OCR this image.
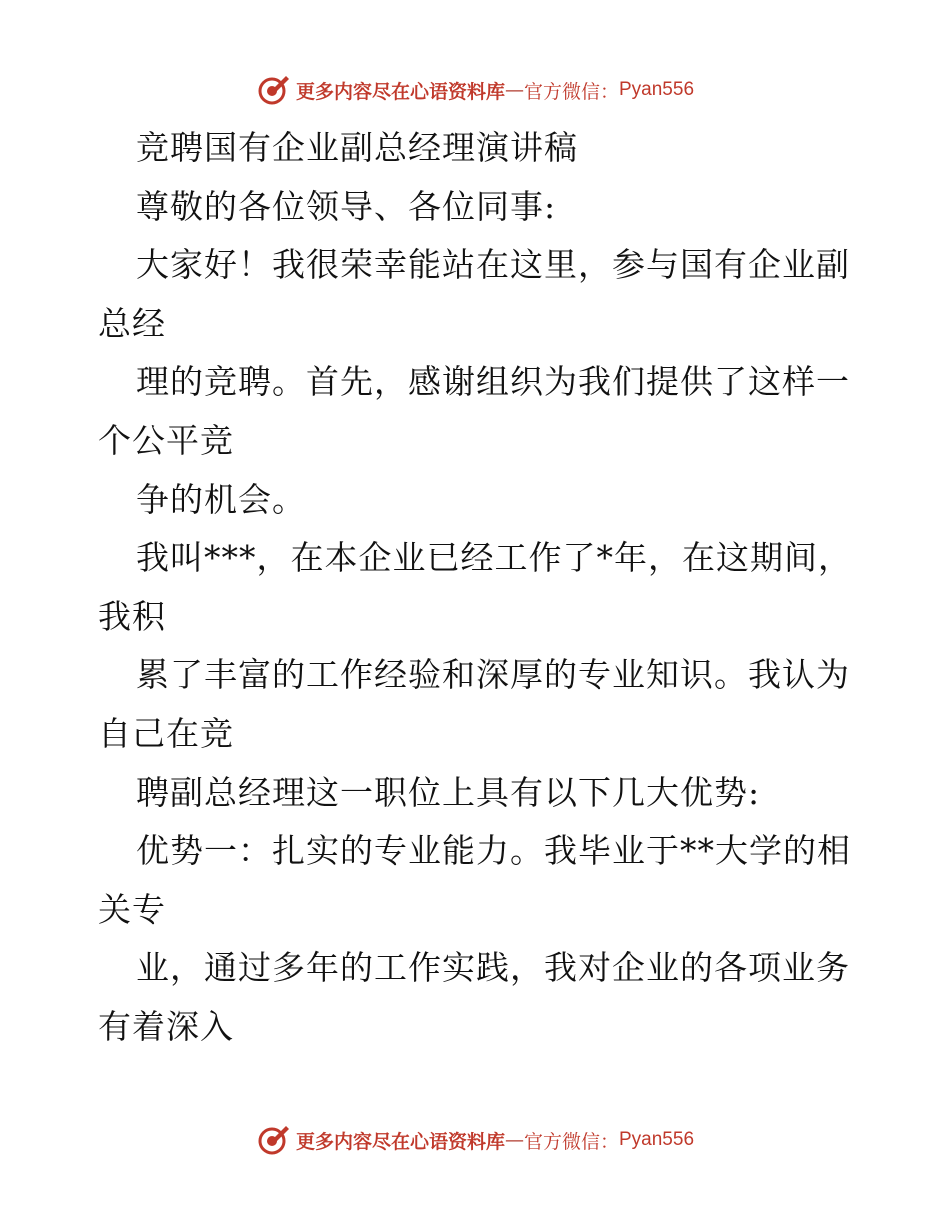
更多内容尽在心语资料库 — 官方微信： Pyan556
竞聘国有企业副总经理演讲稿
尊敬的各位领导、各位同事:
大家好！我很荣幸能站在这里，参与国有企业副
总经
理的竞聘。首先，感谢组织为我们提供了这样一
个公平竞
争的机会。
我叫***，在本企业已经工作了*年，在这期间，
我积
累了丰富的工作经验和深厚的专业知识。我认为
自己在竞
聘副总经理这一职位上具有以下几大优势:
优势一：扎实的专业能力。我毕业于**大学的相
关专
业，通过多年的工作实践，我对企业的各项业务
有着深入
更多内容尽在心语资料库 — 官方微信： Pyan556
